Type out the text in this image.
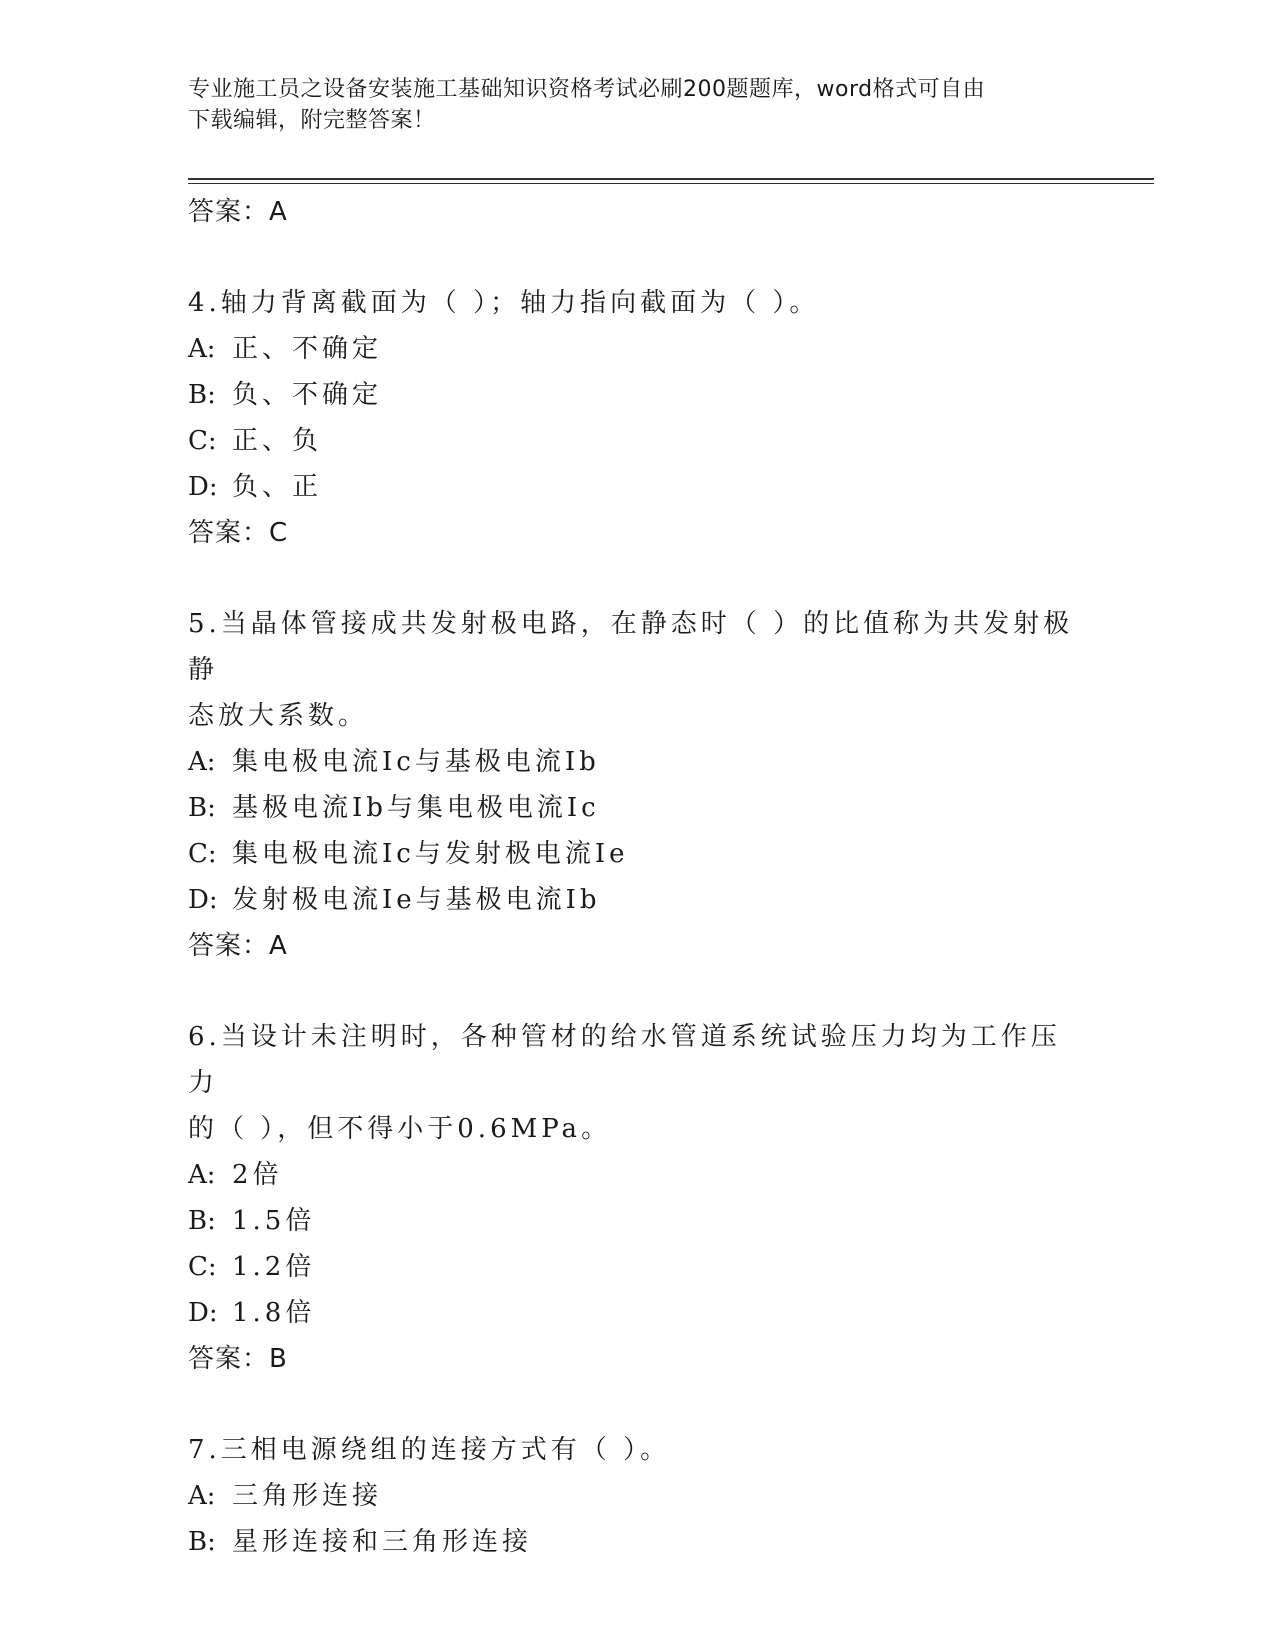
专业施工员之设备安装施工基础知识资格考试必刷200题题库，word格式可自由
下载编辑，附完整答案！
答案：A
4.轴力背离截面为（ ）；轴力指向截面为（ ）。
A: 正、不确定
B: 负、不确定
C: 正、负
D: 负、正
答案：C
5.当晶体管接成共发射极电路，在静态时（ ）的比值称为共发射极静
态放大系数。
A: 集电极电流Ic与基极电流Ib
B: 基极电流Ib与集电极电流Ic
C: 集电极电流Ic与发射极电流Ie
D: 发射极电流Ie与基极电流Ib
答案：A
6.当设计未注明时，各种管材的给水管道系统试验压力均为工作压力
的（ ），但不得小于0.6MPa。
A: 2倍
B: 1.5倍
C: 1.2倍
D: 1.8倍
答案：B
7.三相电源绕组的连接方式有（ ）。
A: 三角形连接
B: 星形连接和三角形连接
